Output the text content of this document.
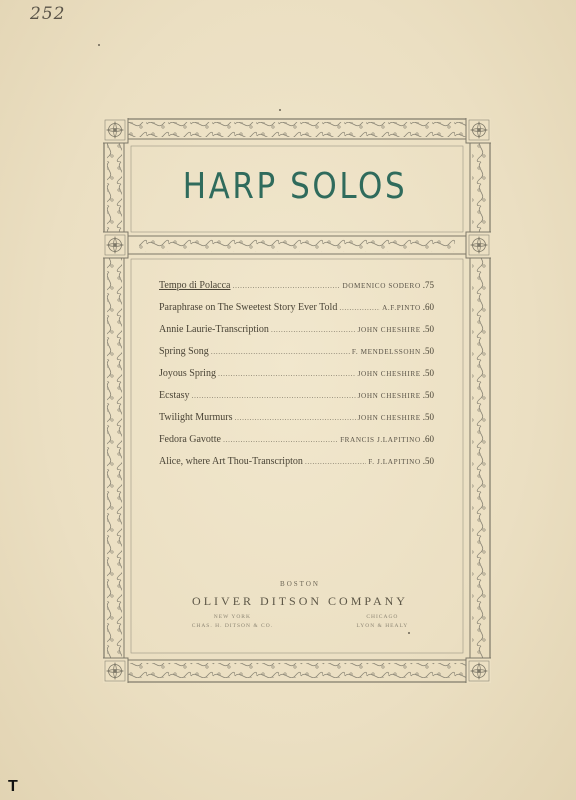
252
HARP SOLOS
Tempo di Polacca .....	DOMENICO SODERO .75
Paraphrase on The Sweetest Story Ever Told .....	A.F.PINTO .60
Annie Laurie-Transcription .....	JOHN CHESHIRE .50
Spring Song .....	F. MENDELSSOHN .50
Joyous Spring .....	JOHN CHESHIRE .50
Ecstasy .....	JOHN CHESHIRE .50
Twilight Murmurs .....	JOHN CHESHIRE .50
Fedora Gavotte .....	FRANCIS J.LAPITINO .60
Alice, where Art Thou-Transcripton .....	F. J.LAPITINO .50
BOSTON
OLIVER DITSON COMPANY
NEW YORK
CHAS. H. DITSON & CO.
CHICAGO
LYON & HEALY
T
